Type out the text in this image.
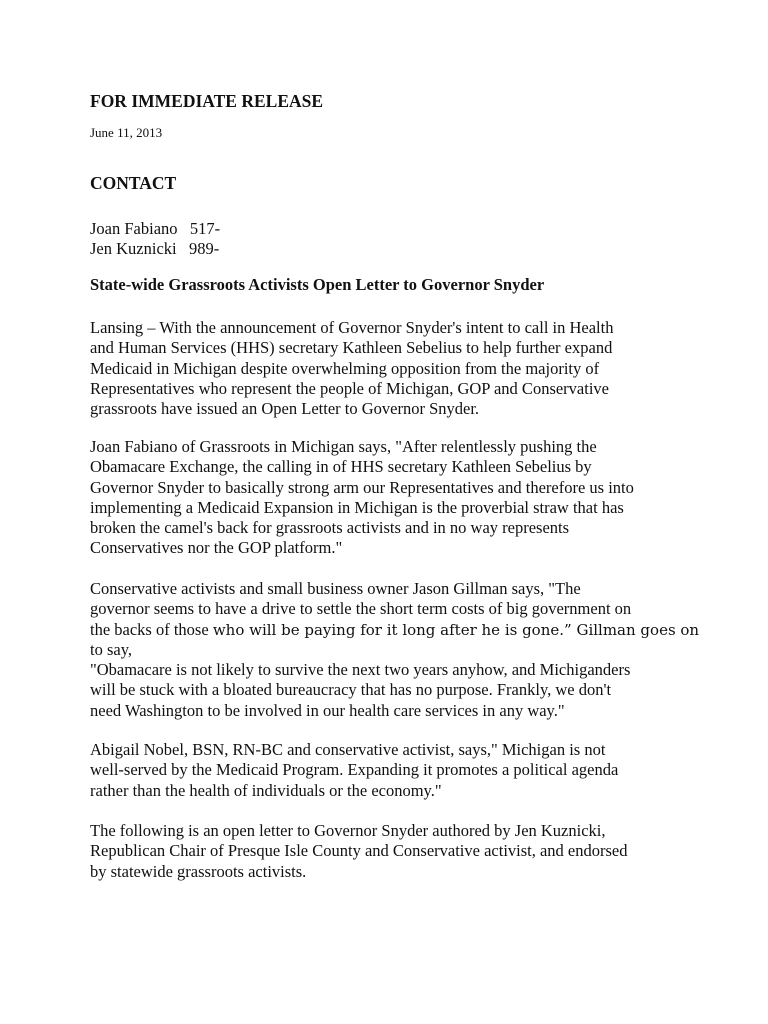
FOR IMMEDIATE RELEASE

June 11, 2013

CONTACT
Joan Fabiano 517-
Jen Kuznicki 989-
State-wide Grassroots Activists Open Letter to Governor Snyder

Lansing – With the announcement of Governor Snyder's intent to call in Health
and Human Services (HHS) secretary Kathleen Sebelius to help further expand
Medicaid in Michigan despite overwhelming opposition from the majority of
Representatives who represent the people of Michigan, GOP and Conservative
grassroots have issued an Open Letter to Governor Snyder.

Joan Fabiano of Grassroots in Michigan says, "After relentlessly pushing the
Obamacare Exchange, the calling in of HHS secretary Kathleen Sebelius by
Governor Snyder to basically strong arm our Representatives and therefore us into
implementing a Medicaid Expansion in Michigan is the proverbial straw that has
broken the camel's back for grassroots activists and in no way represents
Conservatives nor the GOP platform."

Conservative activists and small business owner Jason Gillman says, "The
governor seems to have a drive to settle the short term costs of big government on
the backs of those who will be paying for it long after he is gone.” Gillman goes on
to say,
"Obamacare is not likely to survive the next two years anyhow, and Michiganders
will be stuck with a bloated bureaucracy that has no purpose. Frankly, we don't
need Washington to be involved in our health care services in any way."

Abigail Nobel, BSN, RN-BC and conservative activist, says," Michigan is not
well-served by the Medicaid Program. Expanding it promotes a political agenda
rather than the health of individuals or the economy."

The following is an open letter to Governor Snyder authored by Jen Kuznicki,
Republican Chair of Presque Isle County and Conservative activist, and endorsed
by statewide grassroots activists.
